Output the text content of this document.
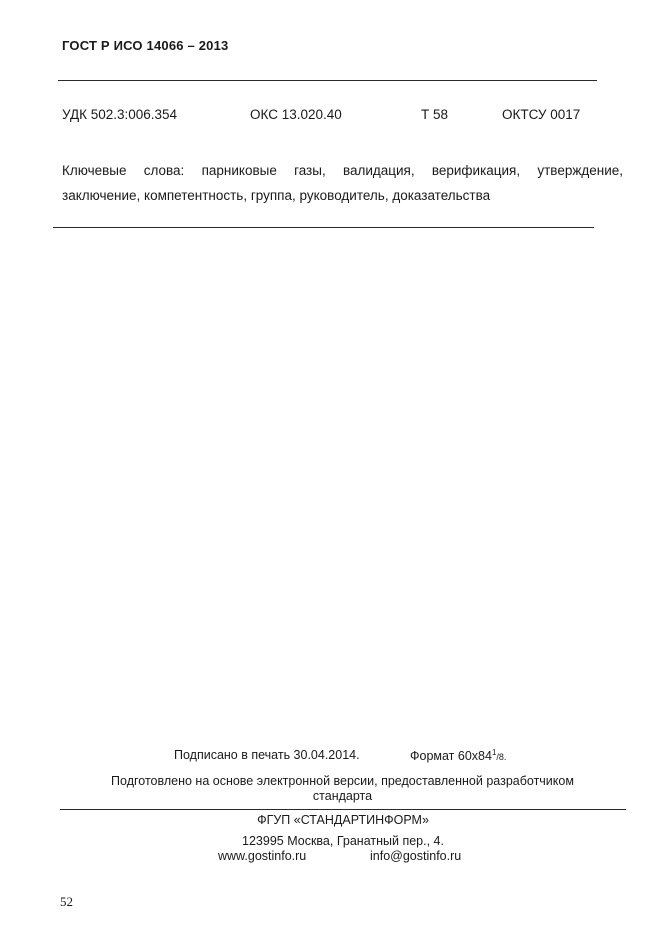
ГОСТ Р ИСО 14066 – 2013
УДК 502.3:006.354	ОКС 13.020.40	Т 58	ОКТСУ 0017
Ключевые слова: парниковые газы, валидация, верификация, утверждение, заключение, компетентность, группа, руководитель, доказательства
Подписано в печать 30.04.2014.	Формат $60х84^1/8$.
Подготовлено на основе электронной версии, предоставленной разработчиком
стандарта
ФГУП «СТАНДАРТИНФОРМ»
123995 Москва, Гранатный пер., 4.
www.gostinfo.ru	info@gostinfo.ru
52
